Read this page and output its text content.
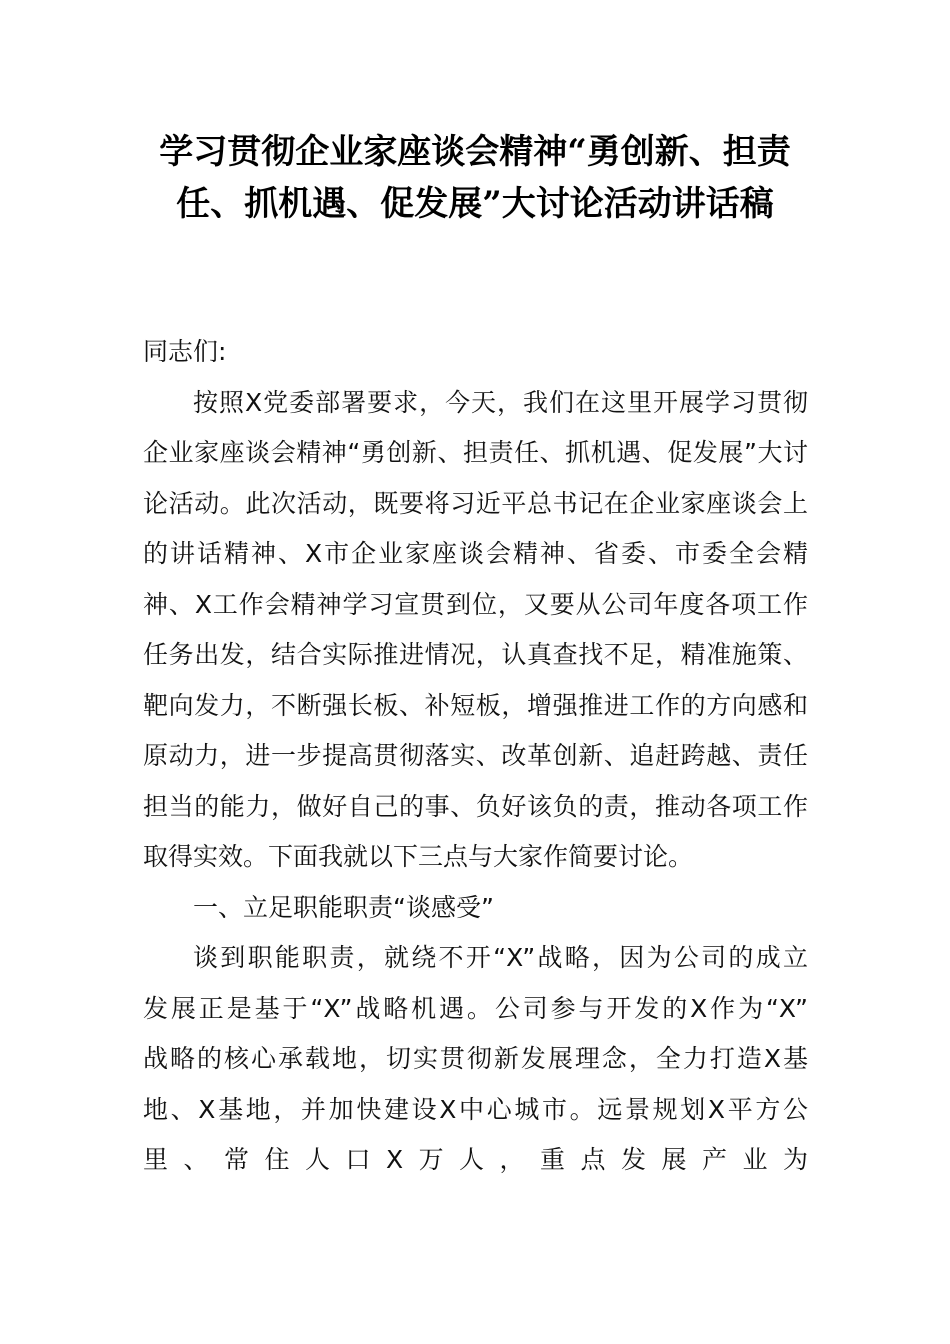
学习贯彻企业家座谈会精神“勇创新、担责任、抓机遇、促发展”大讨论活动讲话稿

同志们:

按照X党委部署要求，今天，我们在这里开展学习贯彻企业家座谈会精神“勇创新、担责任、抓机遇、促发展”大讨论活动。此次活动，既要将习近平总书记在企业家座谈会上的讲话精神、X市企业家座谈会精神、省委、市委全会精神、X工作会精神学习宣贯到位，又要从公司年度各项工作任务出发，结合实际推进情况，认真查找不足，精准施策、靶向发力，不断强长板、补短板，增强推进工作的方向感和原动力，进一步提高贯彻落实、改革创新、追赶跨越、责任担当的能力，做好自己的事、负好该负的责，推动各项工作取得实效。下面我就以下三点与大家作简要讨论。

一、立足职能职责“谈感受”

谈到职能职责，就绕不开“X”战略，因为公司的成立

发展正是基于“X”战略机遇。公司参与开发的X作为“X”

战略的核心承载地，切实贯彻新发展理念，全力打造X基

地、X基地，并加快建设X中心城市。远景规划X平方公

里、常住人口X万人，重点发展产业为
